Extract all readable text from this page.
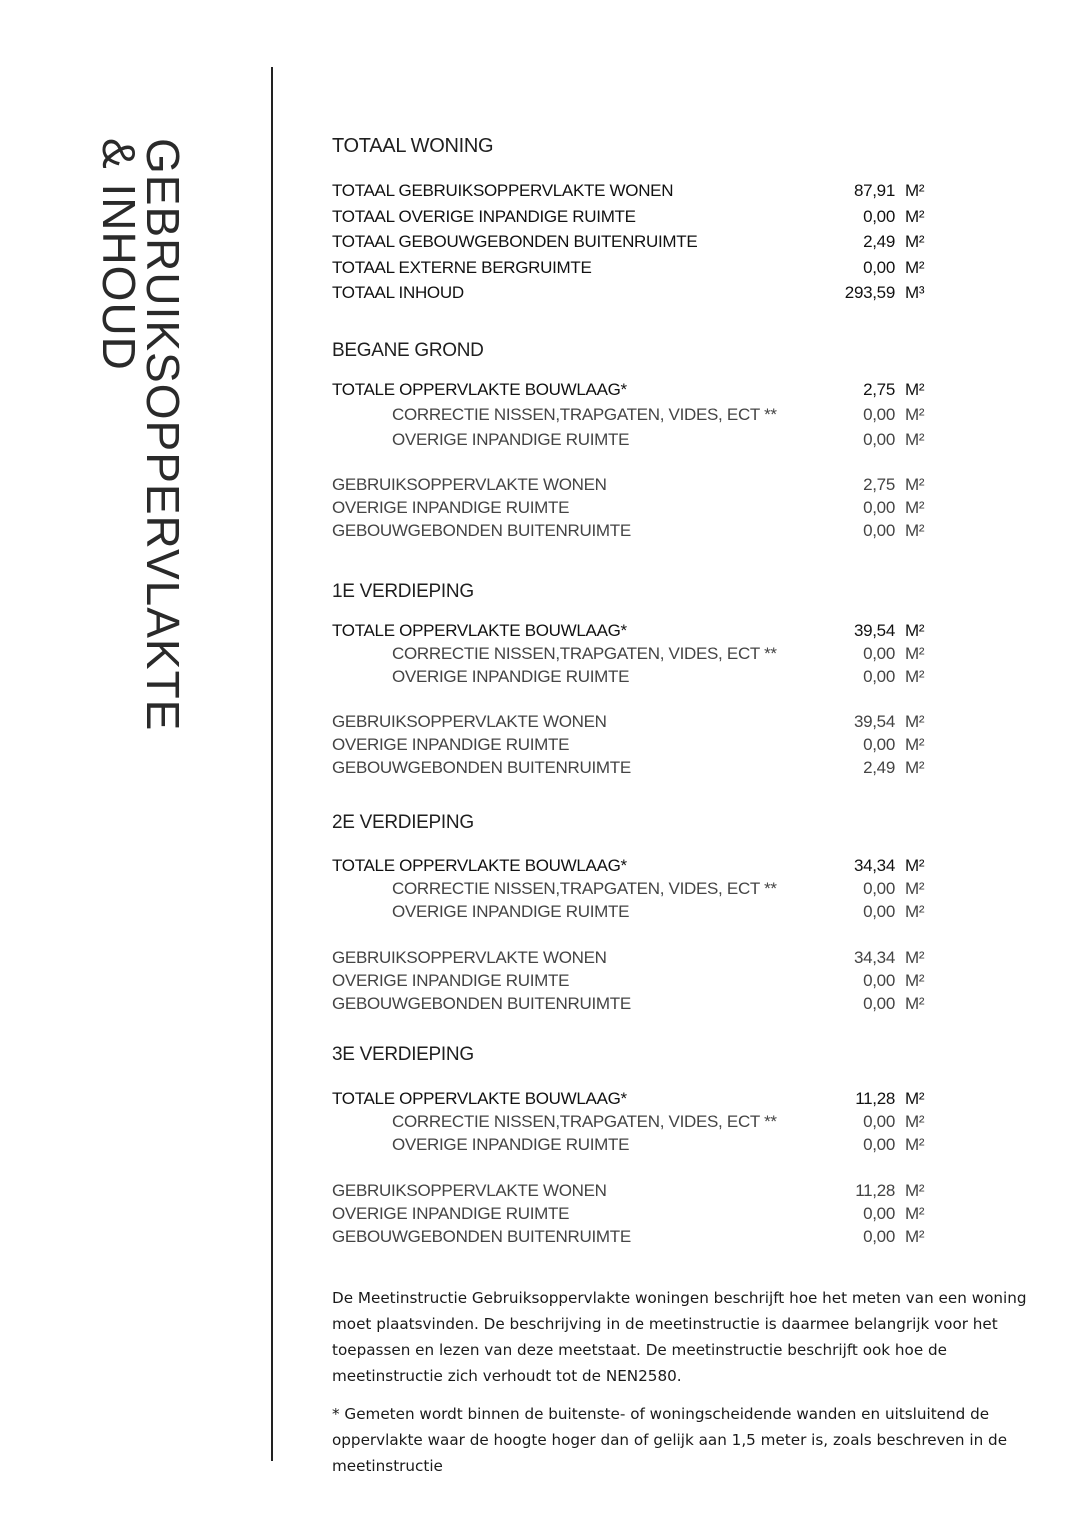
GEBRUIKSOPPERVLAKTE
& INHOUD	TOTAAL WONING
TOTAAL GEBRUIKSOPPERVLAKTE WONEN	87,91 M²
TOTAAL OVERIGE INPANDIGE RUIMTE	0,00 M²
TOTAAL GEBOUWGEBONDEN BUITENRUIMTE	2,49 M²
TOTAAL EXTERNE BERGRUIMTE	0,00 M²
TOTAAL INHOUD	293,59 M³
BEGANE GROND
TOTALE OPPERVLAKTE BOUWLAAG*	2,75 M²
CORRECTIE NISSEN,TRAPGATEN, VIDES, ECT **	0,00 M²
OVERIGE INPANDIGE RUIMTE	0,00 M²
GEBRUIKSOPPERVLAKTE WONEN	2,75 M²
OVERIGE INPANDIGE RUIMTE	0,00 M²
GEBOUWGEBONDEN BUITENRUIMTE	0,00 M²
1E VERDIEPING
TOTALE OPPERVLAKTE BOUWLAAG*	39,54 M²
CORRECTIE NISSEN,TRAPGATEN, VIDES, ECT **	0,00 M²
OVERIGE INPANDIGE RUIMTE	0,00 M²
GEBRUIKSOPPERVLAKTE WONEN	39,54 M²
OVERIGE INPANDIGE RUIMTE	0,00 M²
GEBOUWGEBONDEN BUITENRUIMTE	2,49 M²
2E VERDIEPING
TOTALE OPPERVLAKTE BOUWLAAG*	34,34 M²
CORRECTIE NISSEN,TRAPGATEN, VIDES, ECT **	0,00 M²
OVERIGE INPANDIGE RUIMTE	0,00 M²
GEBRUIKSOPPERVLAKTE WONEN	34,34 M²
OVERIGE INPANDIGE RUIMTE	0,00 M²
GEBOUWGEBONDEN BUITENRUIMTE	0,00 M²
3E VERDIEPING
TOTALE OPPERVLAKTE BOUWLAAG*	11,28 M²
CORRECTIE NISSEN,TRAPGATEN, VIDES, ECT **	0,00 M²
OVERIGE INPANDIGE RUIMTE	0,00 M²
GEBRUIKSOPPERVLAKTE WONEN	11,28 M²
OVERIGE INPANDIGE RUIMTE	0,00 M²
GEBOUWGEBONDEN BUITENRUIMTE	0,00 M²
De Meetinstructie Gebruiksoppervlakte woningen beschrijft hoe het meten van een woning moet plaatsvinden. De beschrijving in de meetinstructie is daarmee belangrijk voor het toepassen en lezen van deze meetstaat. De meetinstructie beschrijft ook hoe de meetinstructie zich verhoudt tot de NEN2580.
* Gemeten wordt binnen de buitenste- of woningscheidende wanden en uitsluitend de oppervlakte waar de hoogte hoger dan of gelijk aan 1,5 meter is, zoals beschreven in de meetinstructie
